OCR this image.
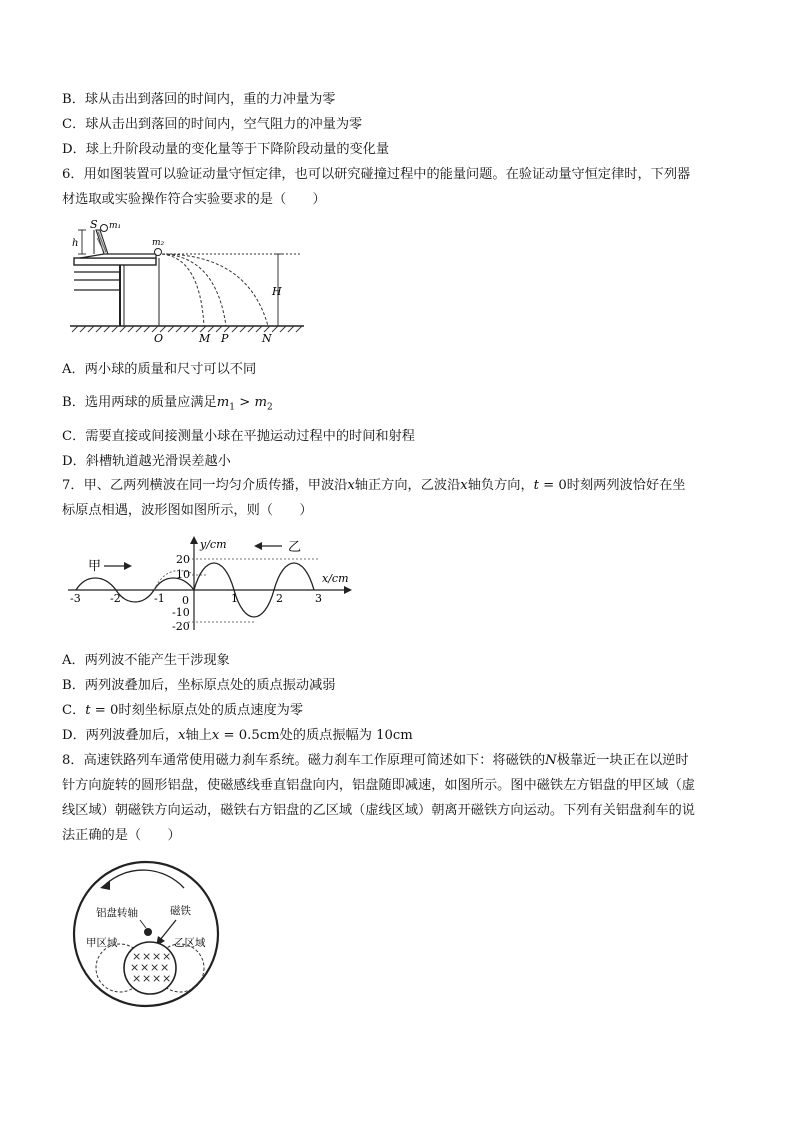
B．球从击出到落回的时间内，重的力冲量为零
C．球从击出到落回的时间内，空气阻力的冲量为零
D．球上升阶段动量的变化量等于下降阶段动量的变化量
6．用如图装置可以验证动量守恒定律，也可以研究碰撞过程中的能量问题。在验证动量守恒定律时，下列器
材选取或实验操作符合实验要求的是（　　）
h
S m₁
m₂
H
O	M P	N
A．两小球的质量和尺寸可以不同
B．选用两球的质量应满足$m_1 > m_2$
C．需要直接或间接测量小球在平抛运动过程中的时间和射程
D．斜槽轨道越光滑误差越小
7．甲、乙两列横波在同一均匀介质传播，甲波沿x轴正方向，乙波沿x轴负方向，t = 0时刻两列波恰好在坐
标原点相遇，波形图如图所示，则（　　）
y/cm
x/cm
20
10
0
-10
-20
-3	-2	-1	1	2	3
甲
乙
A．两列波不能产生干涉现象
B．两列波叠加后，坐标原点处的质点振动减弱
C．t = 0时刻坐标原点处的质点速度为零
D．两列波叠加后，x轴上x = 0.5cm处的质点振幅为 10cm
8．高速铁路列车通常使用磁力刹车系统。磁力刹车工作原理可简述如下：将磁铁的N极靠近一块正在以逆时
针方向旋转的圆形铝盘，使磁感线垂直铝盘向内，铝盘随即减速，如图所示。图中磁铁左方铝盘的甲区域（虚
线区域）朝磁铁方向运动，磁铁右方铝盘的乙区域（虚线区域）朝离开磁铁方向运动。下列有关铝盘刹车的说
法正确的是（　　）
铝盘转轴	磁铁
甲区域	乙区域
× × × ×
× × × ×
× × × ×
